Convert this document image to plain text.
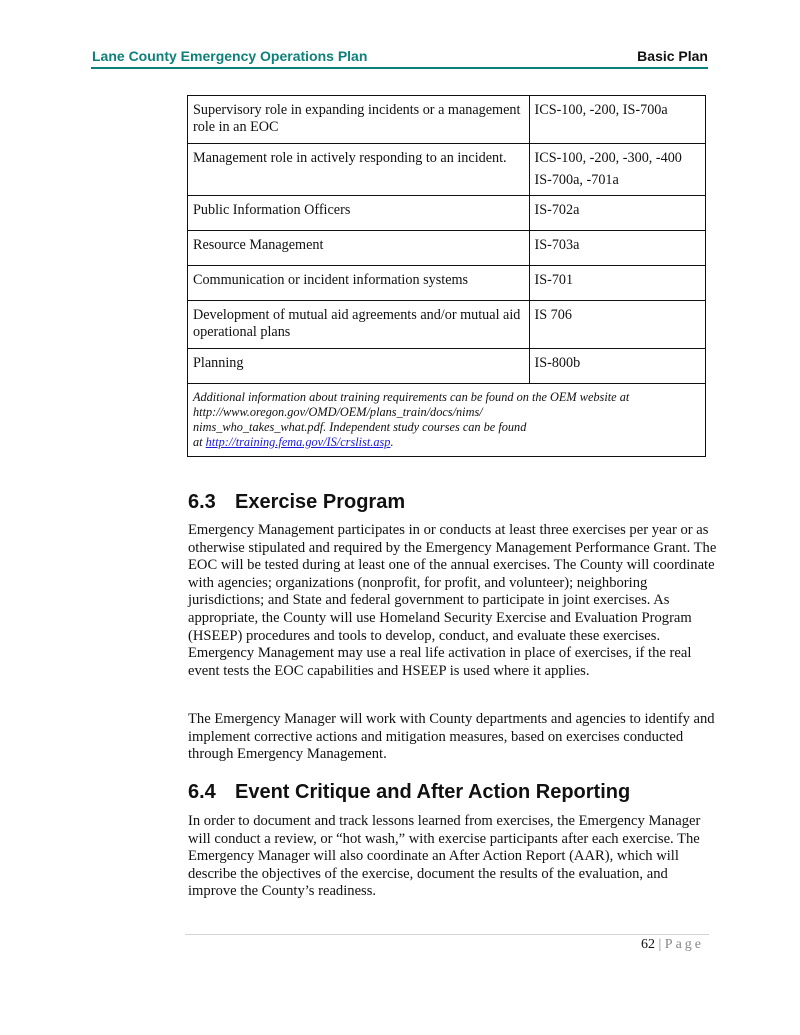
Lane County Emergency Operations Plan	Basic Plan
Supervisory role in expanding incidents or a management role in an EOC	ICS-100, -200, IS-700a
Management role in actively responding to an incident.	ICS-100, -200, -300, -400
IS-700a, -701a

Public Information Officers	IS-702a
Resource Management	IS-703a
Communication or incident information systems	IS-701
Development of mutual aid agreements and/or mutual aid operational plans	IS 706
Planning	IS-800b

Additional information about training requirements can be found on the OEM website at
http://www.oregon.gov/OMD/OEM/plans_train/docs/nims/
nims_who_takes_what.pdf. Independent study courses can be found
at http://training.fema.gov/IS/crslist.asp.	
6.3 Exercise Program
Emergency Management participates in or conducts at least three exercises per year or as otherwise stipulated and required by the Emergency Management Performance Grant. The EOC will be tested during at least one of the annual exercises. The County will coordinate with agencies; organizations (nonprofit, for profit, and volunteer); neighboring jurisdictions; and State and federal government to participate in joint exercises. As appropriate, the County will use Homeland Security Exercise and Evaluation Program (HSEEP) procedures and tools to develop, conduct, and evaluate these exercises. Emergency Management may use a real life activation in place of exercises, if the real event tests the EOC capabilities and HSEEP is used where it applies.
The Emergency Manager will work with County departments and agencies to identify and implement corrective actions and mitigation measures, based on exercises conducted through Emergency Management.
6.4 Event Critique and After Action Reporting
In order to document and track lessons learned from exercises, the Emergency Manager will conduct a review, or “hot wash,” with exercise participants after each exercise. The Emergency Manager will also coordinate an After Action Report (AAR), which will describe the objectives of the exercise, document the results of the evaluation, and improve the County’s readiness.
62 | Page
